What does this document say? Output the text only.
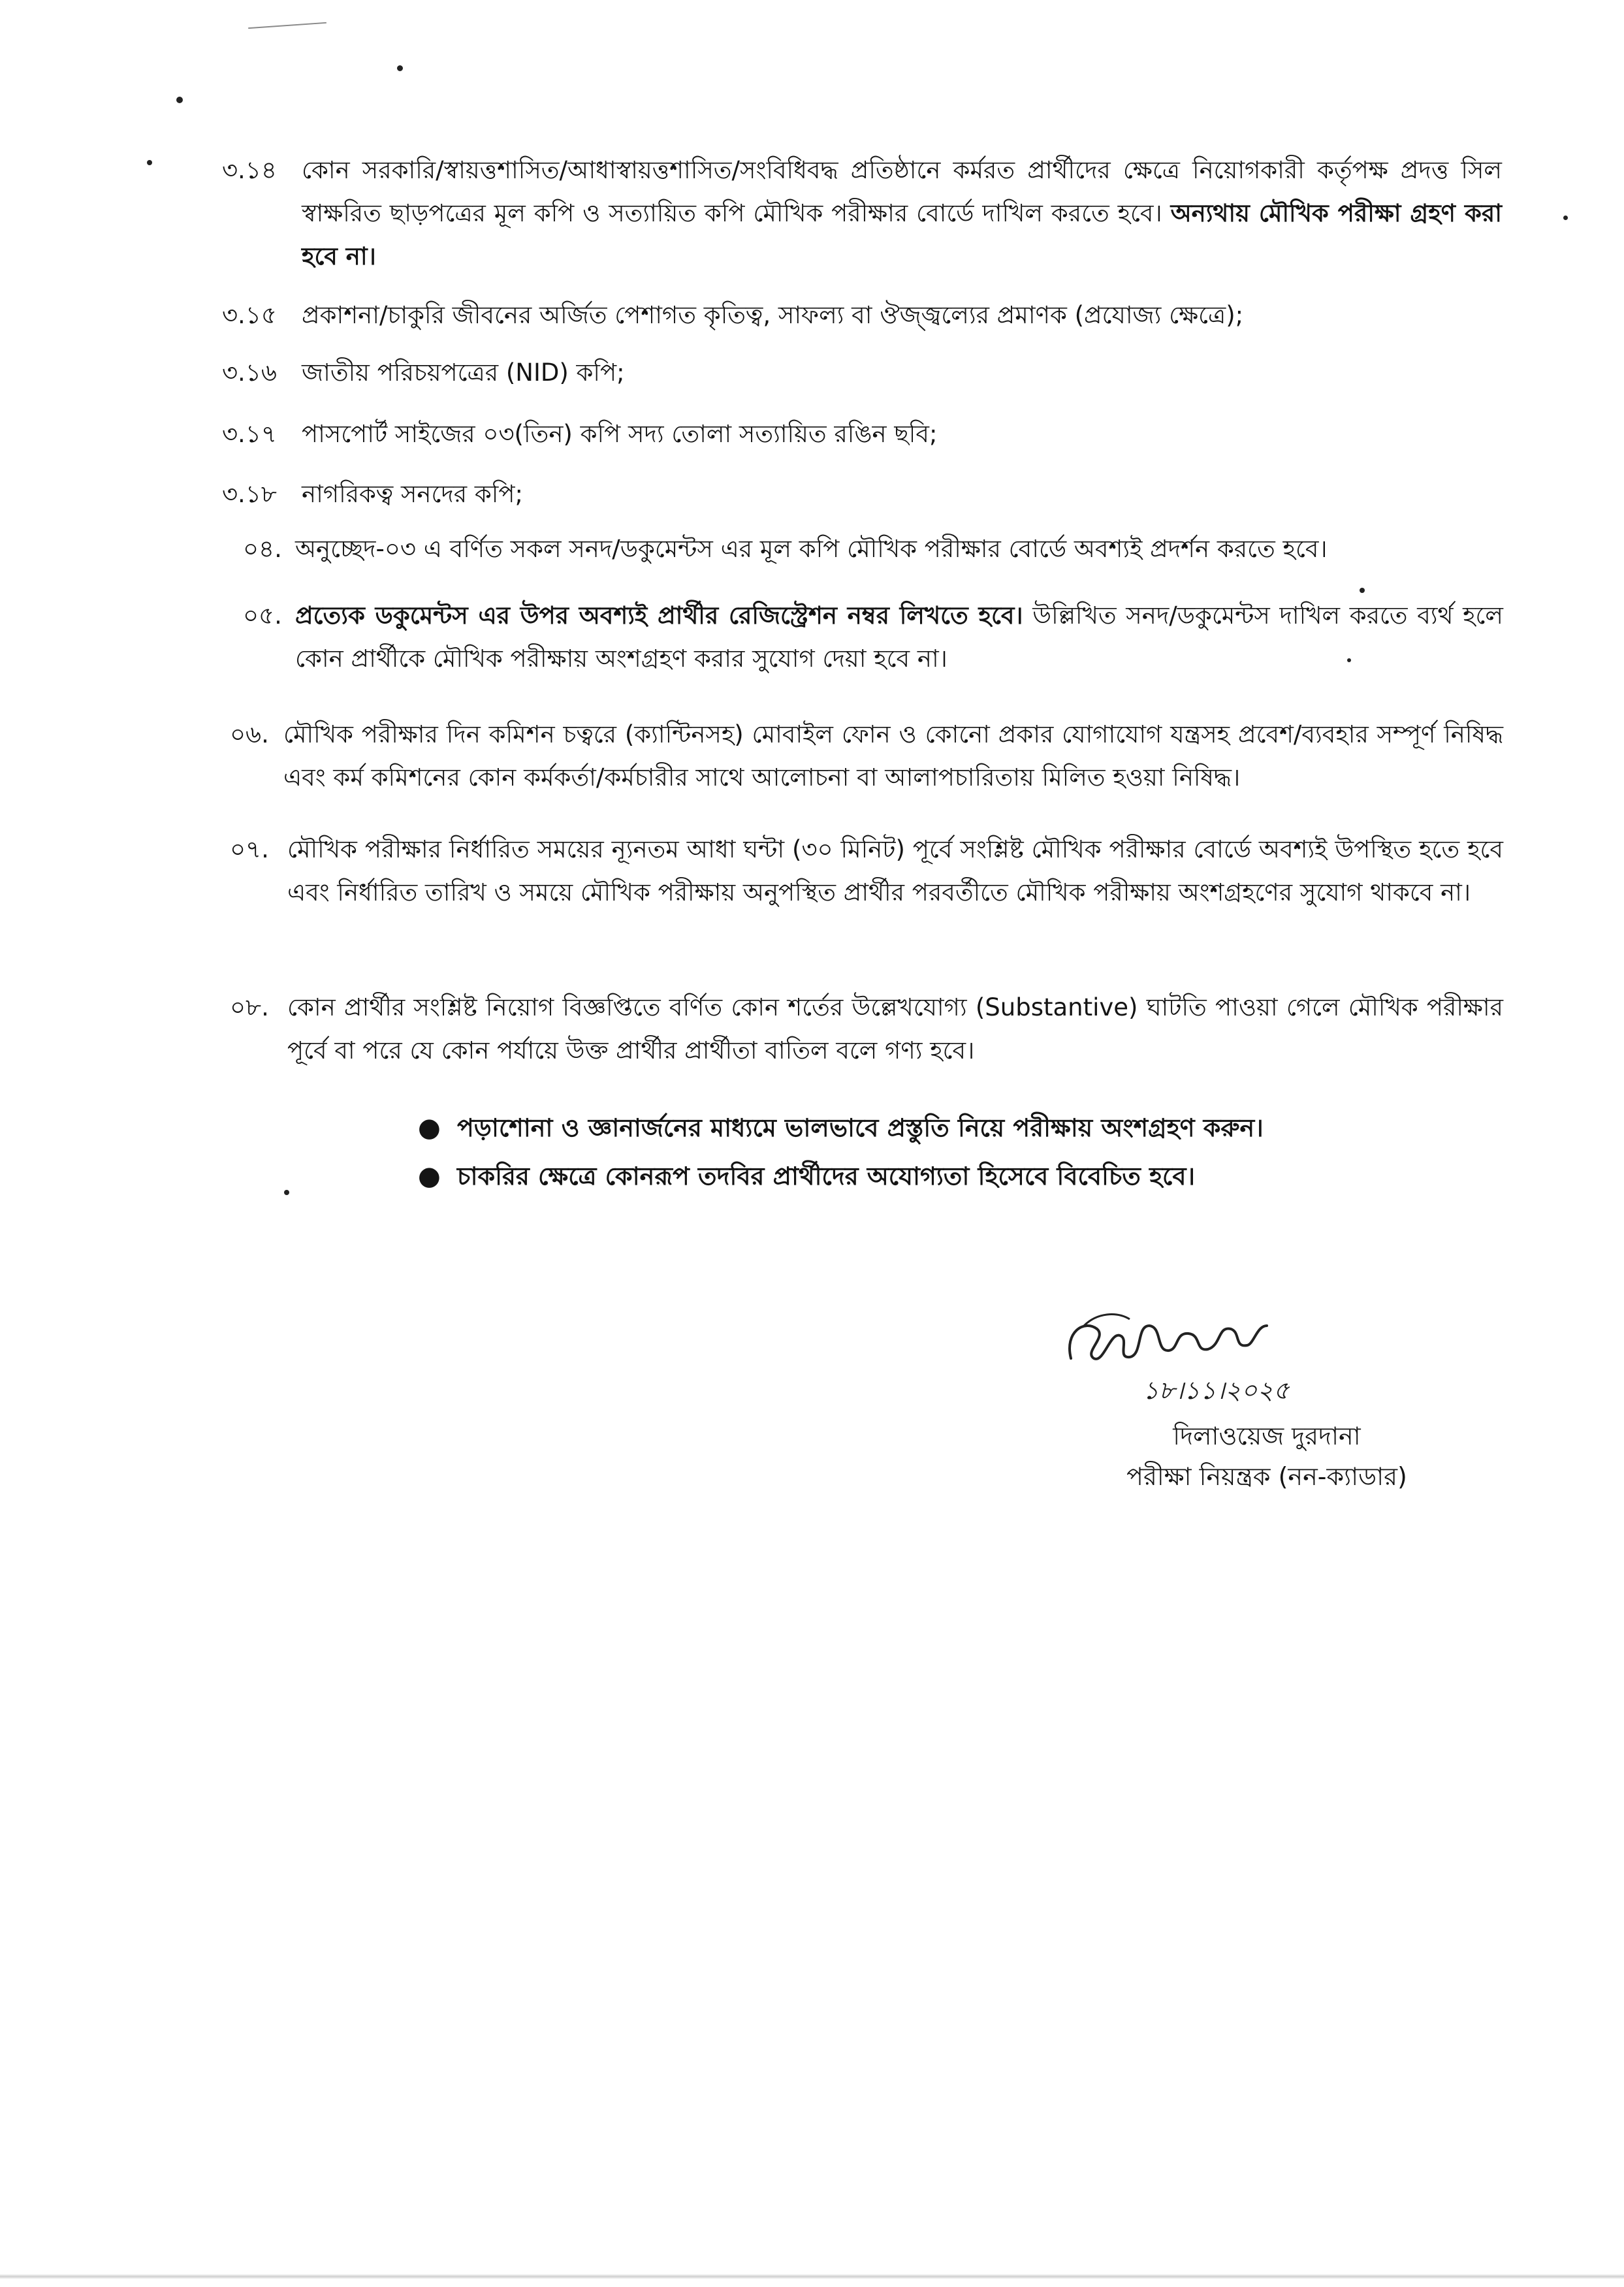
৩.১৪ কোন সরকারি/স্বায়ত্তশাসিত/আধাস্বায়ত্তশাসিত/সংবিধিবদ্ধ প্রতিষ্ঠানে কর্মরত প্রার্থীদের ক্ষেত্রে নিয়োগকারী কর্তৃপক্ষ প্রদত্ত সিল স্বাক্ষরিত ছাড়পত্রের মূল কপি ও সত্যায়িত কপি মৌখিক পরীক্ষার বোর্ডে দাখিল করতে হবে। অন্যথায় মৌখিক পরীক্ষা গ্রহণ করা হবে না।
৩.১৫ প্রকাশনা/চাকুরি জীবনের অর্জিত পেশাগত কৃতিত্ব, সাফল্য বা ঔজ্জ্বল্যের প্রমাণক (প্রযোজ্য ক্ষেত্রে);
৩.১৬ জাতীয় পরিচয়পত্রের (NID) কপি;
৩.১৭ পাসপোর্ট সাইজের ০৩(তিন) কপি সদ্য তোলা সত্যায়িত রঙিন ছবি;
৩.১৮ নাগরিকত্ব সনদের কপি;
০৪. অনুচ্ছেদ-০৩ এ বর্ণিত সকল সনদ/ডকুমেন্টস এর মূল কপি মৌখিক পরীক্ষার বোর্ডে অবশ্যই প্রদর্শন করতে হবে।
০৫. প্রত্যেক ডকুমেন্টস এর উপর অবশ্যই প্রার্থীর রেজিস্ট্রেশন নম্বর লিখতে হবে। উল্লিখিত সনদ/ডকুমেন্টস দাখিল করতে ব্যর্থ হলে কোন প্রার্থীকে মৌখিক পরীক্ষায় অংশগ্রহণ করার সুযোগ দেয়া হবে না।
০৬. মৌখিক পরীক্ষার দিন কমিশন চত্বরে (ক্যান্টিনসহ) মোবাইল ফোন ও কোনো প্রকার যোগাযোগ যন্ত্রসহ প্রবেশ/ব্যবহার সম্পূর্ণ নিষিদ্ধ এবং কর্ম কমিশনের কোন কর্মকর্তা/কর্মচারীর সাথে আলোচনা বা আলাপচারিতায় মিলিত হওয়া নিষিদ্ধ।
০৭. মৌখিক পরীক্ষার নির্ধারিত সময়ের ন্যূনতম আধা ঘন্টা (৩০ মিনিট) পূর্বে সংশ্লিষ্ট মৌখিক পরীক্ষার বোর্ডে অবশ্যই উপস্থিত হতে হবে এবং নির্ধারিত তারিখ ও সময়ে মৌখিক পরীক্ষায় অনুপস্থিত প্রার্থীর পরবর্তীতে মৌখিক পরীক্ষায় অংশগ্রহণের সুযোগ থাকবে না।
০৮. কোন প্রার্থীর সংশ্লিষ্ট নিয়োগ বিজ্ঞপ্তিতে বর্ণিত কোন শর্তের উল্লেখযোগ্য (Substantive) ঘাটতি পাওয়া গেলে মৌখিক পরীক্ষার পূর্বে বা পরে যে কোন পর্যায়ে উক্ত প্রার্থীর প্রার্থীতা বাতিল বলে গণ্য হবে।
● পড়াশোনা ও জ্ঞানার্জনের মাধ্যমে ভালভাবে প্রস্তুতি নিয়ে পরীক্ষায় অংশগ্রহণ করুন।
● চাকরির ক্ষেত্রে কোনরূপ তদবির প্রার্থীদের অযোগ্যতা হিসেবে বিবেচিত হবে।
১৮।১১।২০২৫
দিলাওয়েজ দুরদানা
পরীক্ষা নিয়ন্ত্রক (নন-ক্যাডার)
